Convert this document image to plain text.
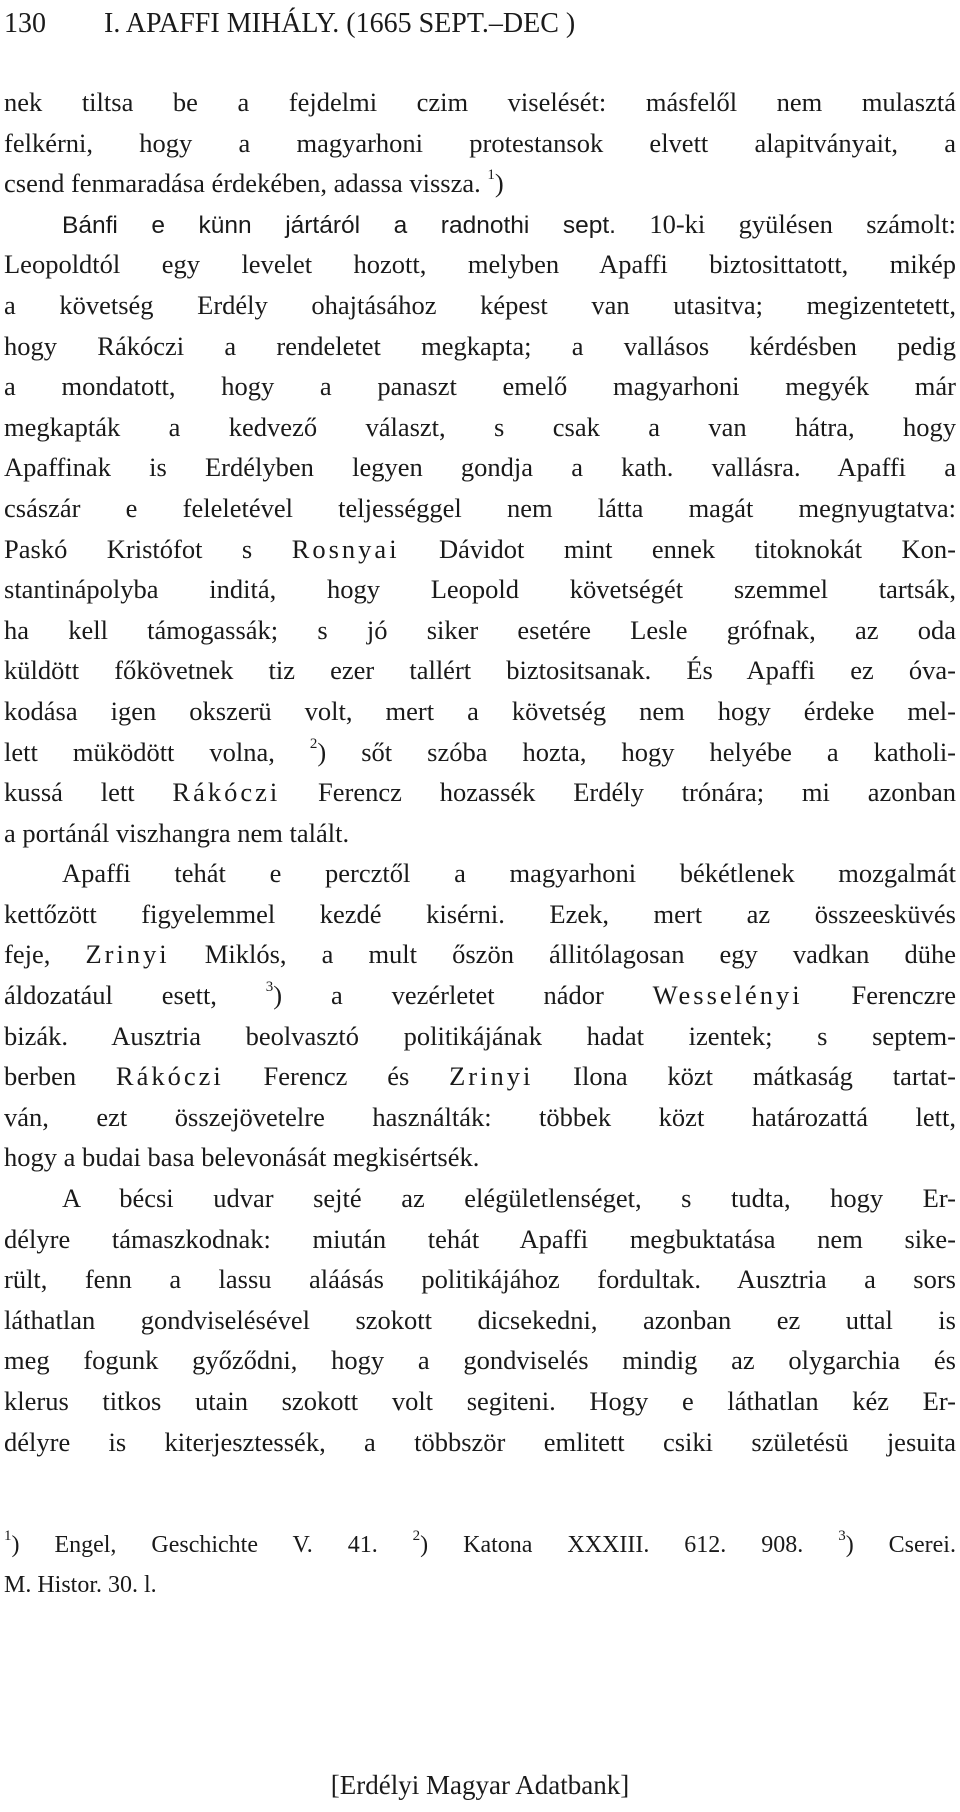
130 I. APAFFI MIHÁLY. (1665 SEPT.–DEC )
nek tiltsa be a fejdelmi czim viselését: másfelől nem mulasztá
felkérni, hogy a magyarhoni protestansok elvett alapitványait, a
csend fenmaradása érdekében, adassa vissza. $^1$)
Bánfi e künn jártáról a radnothi sept. 10-ki gyülésen számolt:
Leopoldtól egy levelet hozott, melyben Apaffi biztosittatott, mikép
a követség Erdély ohajtásához képest van utasitva; megizentetett,
hogy Rákóczi a rendeletet megkapta; a vallásos kérdésben pedig
a mondatott, hogy a panaszt emelő magyarhoni megyék már
megkapták a kedvező választ, s csak a van hátra, hogy
Apaffinak is Erdélyben legyen gondja a kath. vallásra. Apaffi a
császár e feleletével teljességgel nem látta magát megnyugtatva:
Paskó Kristófot s Rosnyai Dávidot mint ennek titoknokát Kon-
stantinápolyba inditá, hogy Leopold követségét szemmel tartsák,
ha kell támogassák; s jó siker esetére Lesle grófnak, az oda
küldött főkövetnek tiz ezer tallért biztositsanak. És Apaffi ez óva-
kodása igen okszerü volt, mert a követség nem hogy érdeke mel-
lett müködött volna, $^2$) sőt szóba hozta, hogy helyébe a katholi-
kussá lett Rákóczi Ferencz hozassék Erdély trónára; mi azonban
a portánál viszhangra nem talált.
Apaffi tehát e percztől a magyarhoni békétlenek mozgalmát
kettőzött figyelemmel kezdé kisérni. Ezek, mert az összeesküvés
feje, Zrinyi Miklós, a mult őszön állitólagosan egy vadkan dühe
áldozatául esett, $^3$) a vezérletet nádor Wesselényi Ferenczre
bizák. Ausztria beolvasztó politikájának hadat izentek; s septem-
berben Rákóczi Ferencz és Zrinyi Ilona közt mátkaság tartat-
ván, ezt összejövetelre használták: többek közt határozattá lett,
hogy a budai basa belevonását megkisértsék.
A bécsi udvar sejté az elégületlenséget, s tudta, hogy Er-
délyre támaszkodnak: miután tehát Apaffi megbuktatása nem sike-
rült, fenn a lassu aláásás politikájához fordultak. Ausztria a sors
láthatlan gondviselésével szokott dicsekedni, azonban ez uttal is
meg fogunk győződni, hogy a gondviselés mindig az olygarchia és
klerus titkos utain szokott volt segiteni. Hogy e láthatlan kéz Er-
délyre is kiterjesztessék, a többször emlitett csiki születésü jesuita
$^1$) Engel, Geschichte V. 41. $^2$) Katona XXXIII. 612. 908. $^3$) Cserei.
M. Histor. 30. l.
[Erdélyi Magyar Adatbank]
